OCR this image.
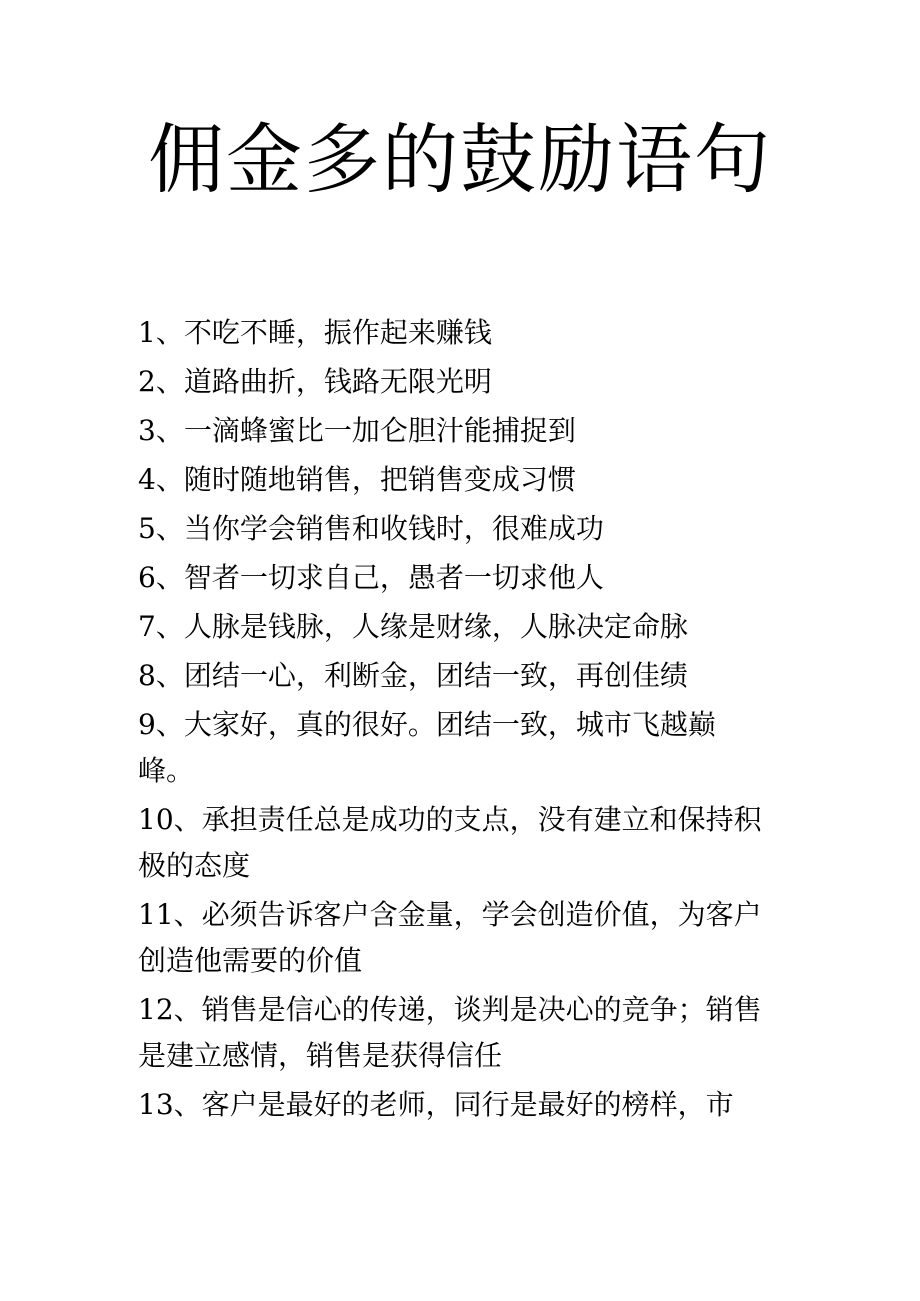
佣金多的鼓励语句
1、不吃不睡，振作起来赚钱
2、道路曲折，钱路无限光明
3、一滴蜂蜜比一加仑胆汁能捕捉到
4、随时随地销售，把销售变成习惯
5、当你学会销售和收钱时，很难成功
6、智者一切求自己，愚者一切求他人
7、人脉是钱脉，人缘是财缘，人脉决定命脉
8、团结一心，利断金，团结一致，再创佳绩
9、大家好，真的很好。团结一致，城市飞越巅峰。
10、承担责任总是成功的支点，没有建立和保持积极的态度
11、必须告诉客户含金量，学会创造价值，为客户创造他需要的价值
12、销售是信心的传递，谈判是决心的竞争；销售是建立感情，销售是获得信任
13、客户是最好的老师，同行是最好的榜样，市
